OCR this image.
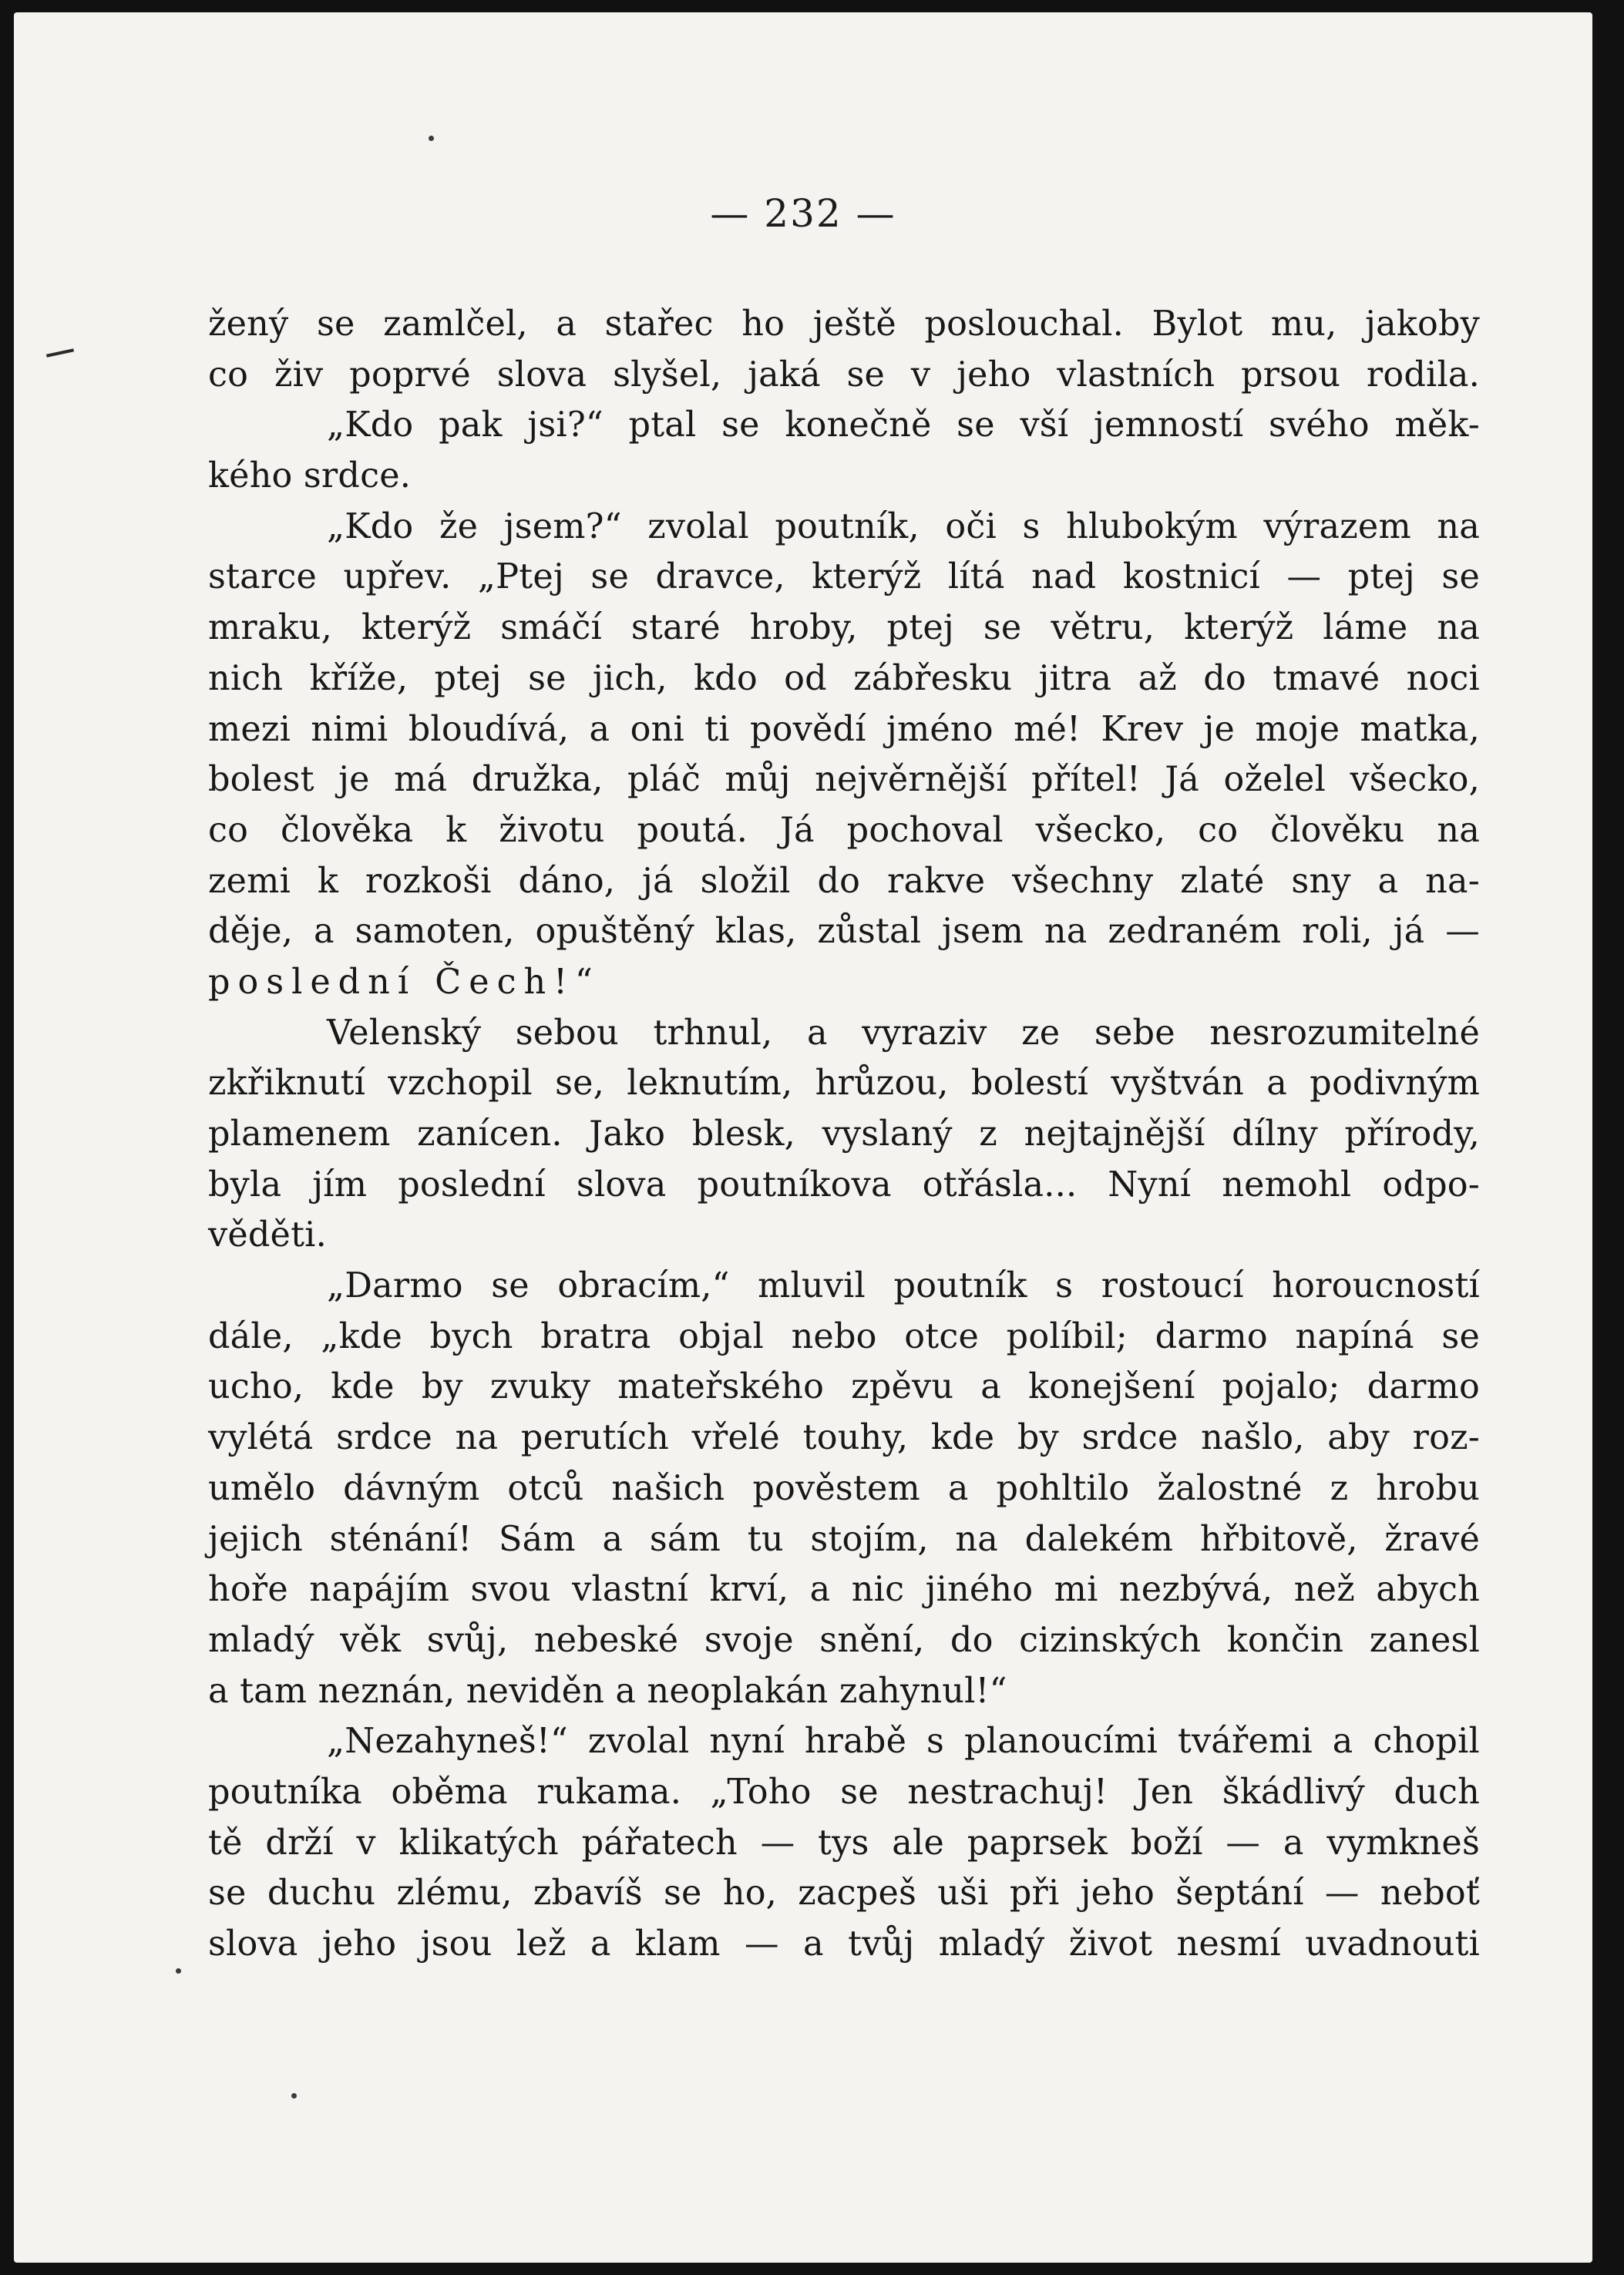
— 232 —
žený se zamlčel, a stařec ho ještě poslouchal. Bylot mu, jakoby
co živ poprvé slova slyšel, jaká se v jeho vlastních prsou rodila.
„Kdo pak jsi?“ ptal se konečně se vší jemností svého měk-
kého srdce.
„Kdo že jsem?“ zvolal poutník, oči s hlubokým výrazem na
starce upřev. „Ptej se dravce, kterýž lítá nad kostnicí — ptej se
mraku, kterýž smáčí staré hroby, ptej se větru, kterýž láme na
nich kříže, ptej se jich, kdo od zábřesku jitra až do tmavé noci
mezi nimi bloudívá, a oni ti povědí jméno mé! Krev je moje matka,
bolest je má družka, pláč můj nejvěrnější přítel! Já oželel všecko,
co člověka k životu poutá. Já pochoval všecko, co člověku na
zemi k rozkoši dáno, já složil do rakve všechny zlaté sny a na-
děje, a samoten, opuštěný klas, zůstal jsem na zedraném roli, já —
poslední Čech!“
Velenský sebou trhnul, a vyraziv ze sebe nesrozumitelné
zkřiknutí vzchopil se, leknutím, hrůzou, bolestí vyštván a podivným
plamenem zanícen. Jako blesk, vyslaný z nejtajnější dílny přírody,
byla jím poslední slova poutníkova otřásla... Nyní nemohl odpo-
věděti.
„Darmo se obracím,“ mluvil poutník s rostoucí horoucností
dále, „kde bych bratra objal nebo otce políbil; darmo napíná se
ucho, kde by zvuky mateřského zpěvu a konejšení pojalo; darmo
vylétá srdce na perutích vřelé touhy, kde by srdce našlo, aby roz-
umělo dávným otců našich pověstem a pohltilo žalostné z hrobu
jejich sténání! Sám a sám tu stojím, na dalekém hřbitově, žravé
hoře napájím svou vlastní krví, a nic jiného mi nezbývá, než abych
mladý věk svůj, nebeské svoje snění, do cizinských končin zanesl
a tam neznán, neviděn a neoplakán zahynul!“
„Nezahyneš!“ zvolal nyní hrabě s planoucími tvářemi a chopil
poutníka oběma rukama. „Toho se nestrachuj! Jen škádlivý duch
tě drží v klikatých pářatech — tys ale paprsek boží — a vymkneš
se duchu zlému, zbavíš se ho, zacpeš uši při jeho šeptání — neboť
slova jeho jsou lež a klam — a tvůj mladý život nesmí uvadnouti
